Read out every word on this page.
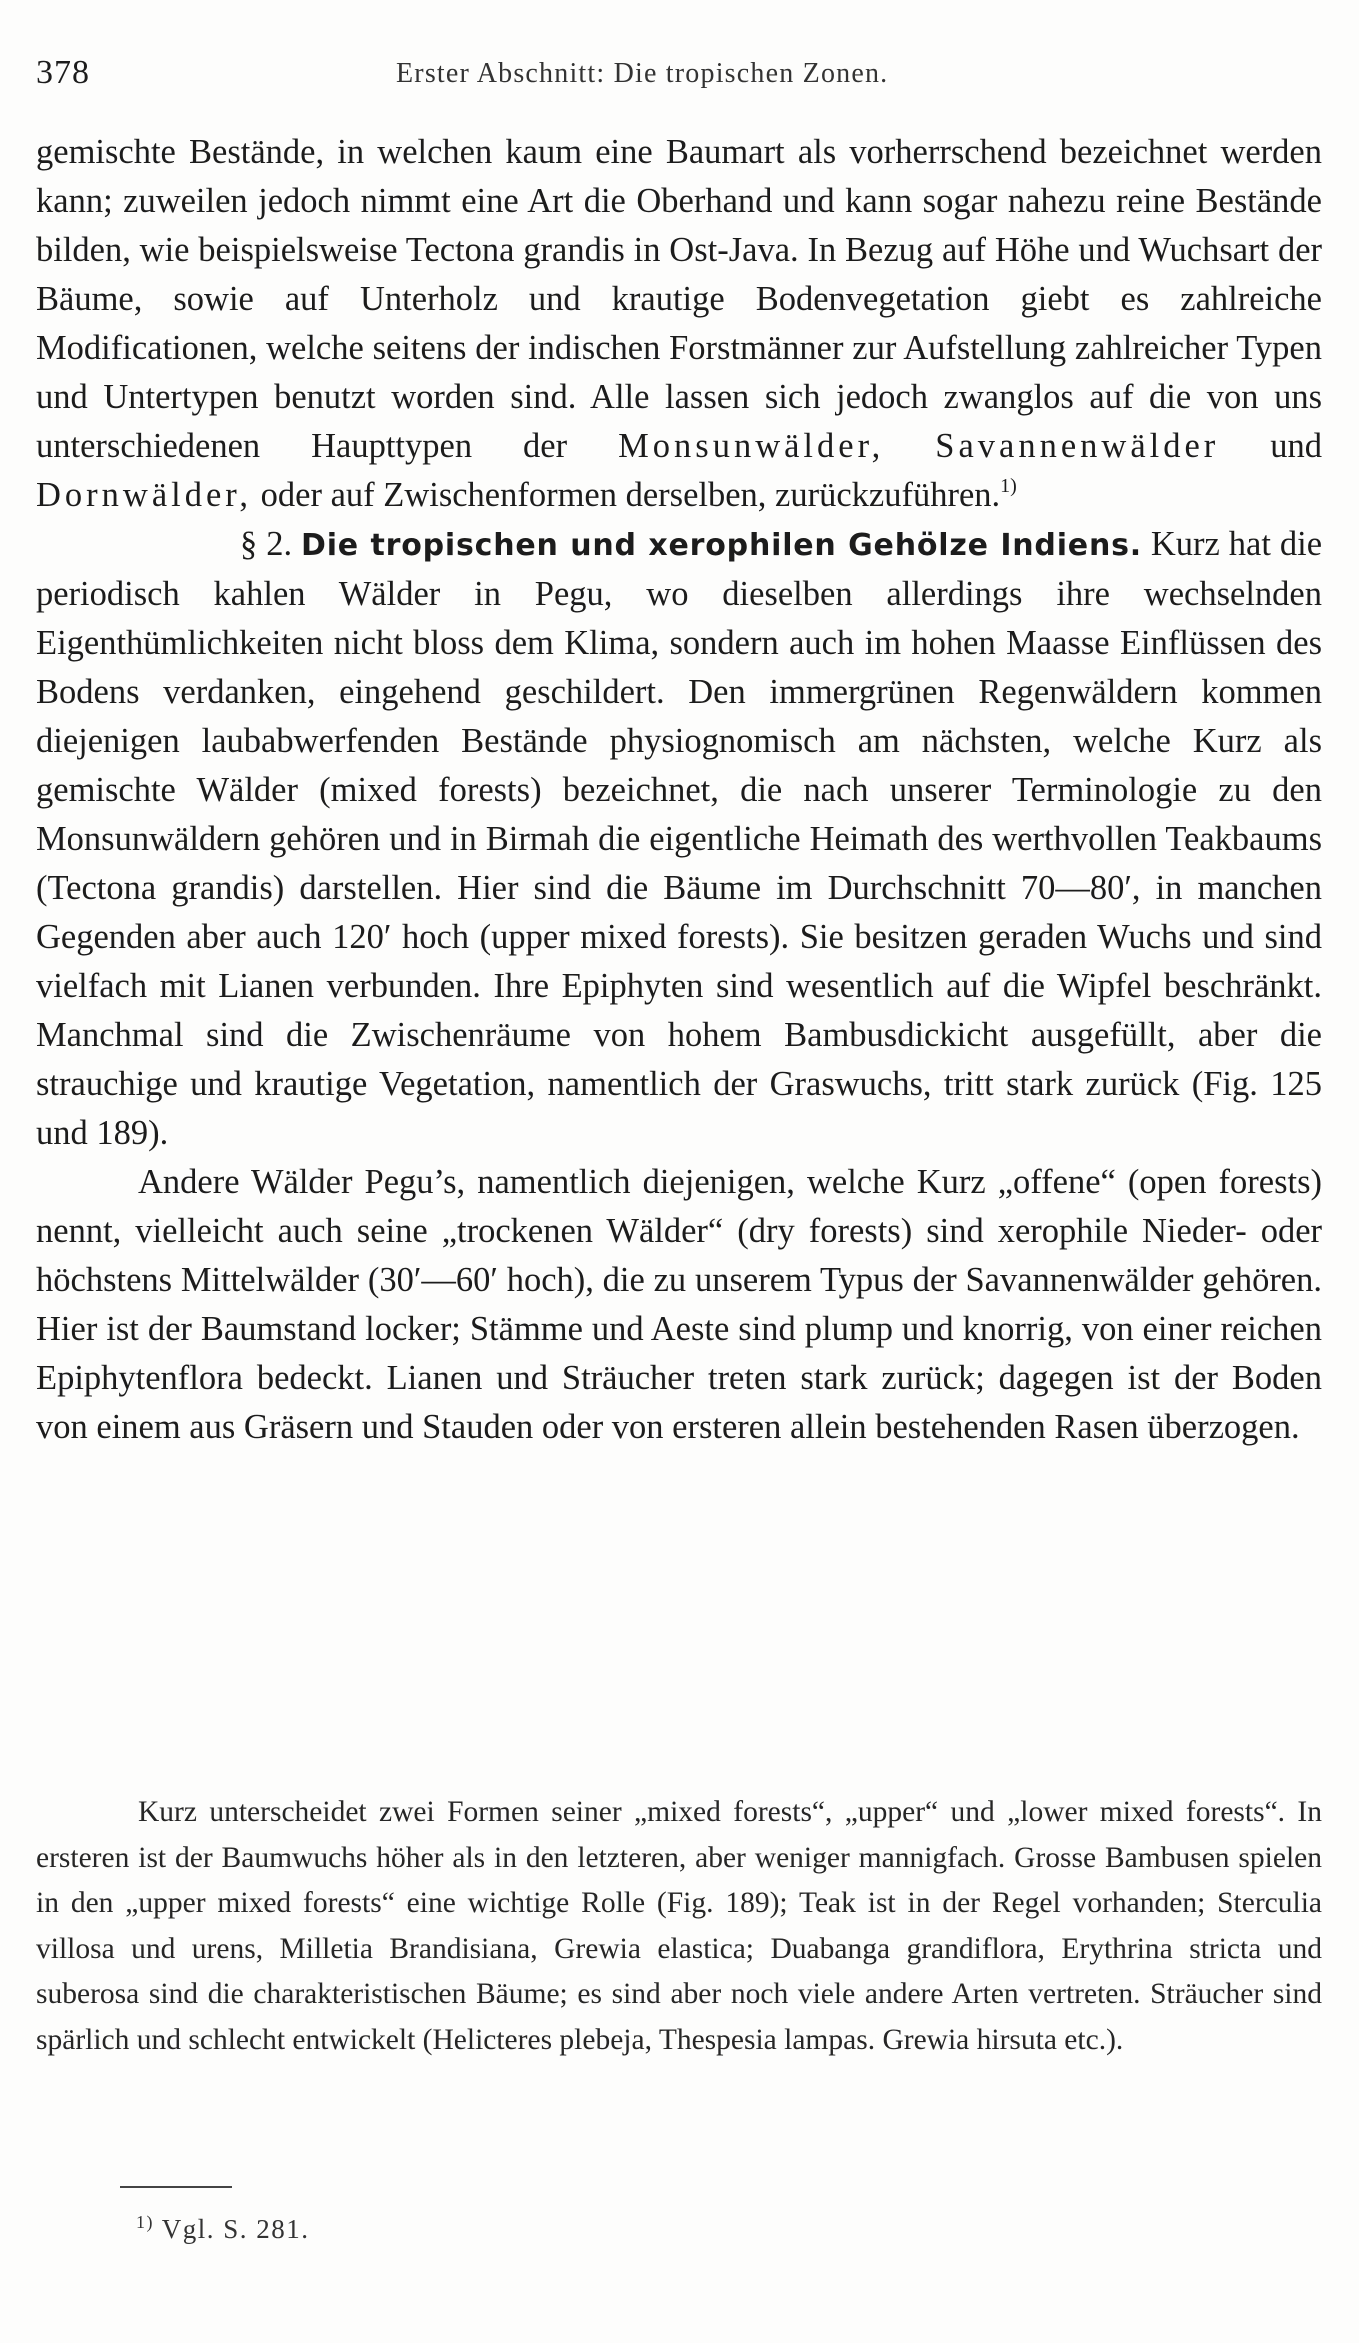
378	Erster Abschnitt: Die tropischen Zonen.

gemischte Bestände, in welchen kaum eine Baumart als vorherrschend bezeichnet werden kann; zuweilen jedoch nimmt eine Art die Oberhand und kann sogar nahezu reine Bestände bilden, wie beispielsweise Tectona grandis in Ost-Java. In Bezug auf Höhe und Wuchsart der Bäume, sowie auf Unterholz und krautige Bodenvegetation giebt es zahlreiche Modificationen, welche seitens der indischen Forstmänner zur Aufstellung zahlreicher Typen und Untertypen benutzt worden sind. Alle lassen sich jedoch zwanglos auf die von uns unterschiedenen Haupttypen der Monsunwälder, Savannenwälder und Dornwälder, oder auf Zwischenformen derselben, zurückzuführen.$^{1)}$

§ 2. Die tropischen und xerophilen Gehölze Indiens. Kurz hat die periodisch kahlen Wälder in Pegu, wo dieselben allerdings ihre wechselnden Eigenthümlichkeiten nicht bloss dem Klima, sondern auch im hohen Maasse Einflüssen des Bodens verdanken, eingehend geschildert. Den immergrünen Regenwäldern kommen diejenigen laubabwerfenden Bestände physiognomisch am nächsten, welche Kurz als gemischte Wälder (mixed forests) bezeichnet, die nach unserer Terminologie zu den Monsunwäldern gehören und in Birmah die eigentliche Heimath des werthvollen Teakbaums (Tectona grandis) darstellen. Hier sind die Bäume im Durchschnitt 70—80′, in manchen Gegenden aber auch 120′ hoch (upper mixed forests). Sie besitzen geraden Wuchs und sind vielfach mit Lianen verbunden. Ihre Epiphyten sind wesentlich auf die Wipfel beschränkt. Manchmal sind die Zwischenräume von hohem Bambusdickicht ausgefüllt, aber die strauchige und krautige Vegetation, namentlich der Graswuchs, tritt stark zurück (Fig. 125 und 189).

Andere Wälder Pegu’s, namentlich diejenigen, welche Kurz „offene“ (open forests) nennt, vielleicht auch seine „trockenen Wälder“ (dry forests) sind xerophile Nieder- oder höchstens Mittelwälder (30′—60′ hoch), die zu unserem Typus der Savannenwälder gehören. Hier ist der Baumstand locker; Stämme und Aeste sind plump und knorrig, von einer reichen Epiphytenflora bedeckt. Lianen und Sträucher treten stark zurück; dagegen ist der Boden von einem aus Gräsern und Stauden oder von ersteren allein bestehenden Rasen überzogen.

Kurz unterscheidet zwei Formen seiner „mixed forests“, „upper“ und „lower mixed forests“. In ersteren ist der Baumwuchs höher als in den letzteren, aber weniger mannigfach. Grosse Bambusen spielen in den „upper mixed forests“ eine wichtige Rolle (Fig. 189); Teak ist in der Regel vorhanden; Sterculia villosa und urens, Milletia Brandisiana, Grewia elastica; Duabanga grandiflora, Erythrina stricta und suberosa sind die charakteristischen Bäume; es sind aber noch viele andere Arten vertreten. Sträucher sind spärlich und schlecht entwickelt (Helicteres plebeja, Thespesia lampas. Grewia hirsuta etc.).

$^{1)}$ Vgl. S. 281.
